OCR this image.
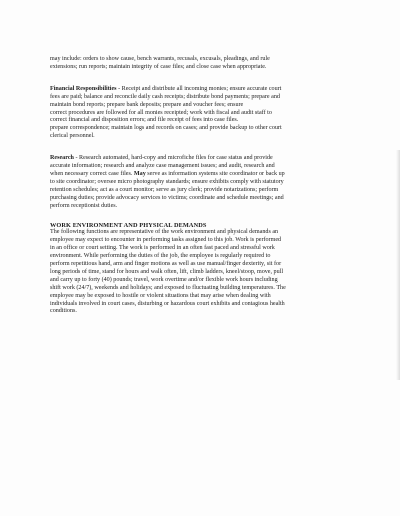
may include: orders to show cause, bench warrants, recusals, excusals, pleadings, and rule
extensions; run reports; maintain integrity of case files; and close case when appropriate.

Financial Responsibilities - Receipt and distribute all incoming monies; ensure accurate court
fees are paid; balance and reconcile daily cash receipts; distribute bond payments; prepare and
maintain bond reports; prepare bank deposits; prepare and voucher fees; ensure
correct procedures are followed for all monies receipted; work with fiscal and audit staff to
correct financial and disposition errors; and file receipt of fees into case files.
prepare correspondence; maintain logs and records on cases; and provide backup to other court
clerical personnel.

Research - Research automated, hard-copy and microfiche files for case status and provide
accurate information; research and analyze case management issues; and audit, research and
when necessary correct case files. May serve as information systems site coordinator or back up
to site coordinator; oversee micro photography standards; ensure exhibits comply with statutory
retention schedules; act as a court monitor; serve as jury clerk; provide notarizations; perform
purchasing duties; provide advocacy services to victims; coordinate and schedule meetings; and
perform receptionist duties.

WORK ENVIRONMENT AND PHYSICAL DEMANDS
The following functions are representative of the work environment and physical demands an
employee may expect to encounter in performing tasks assigned to this job. Work is performed
in an office or court setting. The work is performed in an often fast paced and stressful work
environment. While performing the duties of the job, the employee is regularly required to
perform repetitious hand, arm and finger motions as well as use manual/finger dexterity, sit for
long periods of time, stand for hours and walk often, lift, climb ladders, kneel/stoop, move, pull
and carry up to forty (40) pounds; travel, work overtime and/or flexible work hours including
shift work (24/7), weekends and holidays; and exposed to fluctuating building temperatures. The
employee may be exposed to hostile or violent situations that may arise when dealing with
individuals involved in court cases, disturbing or hazardous court exhibits and contagious health
conditions.
